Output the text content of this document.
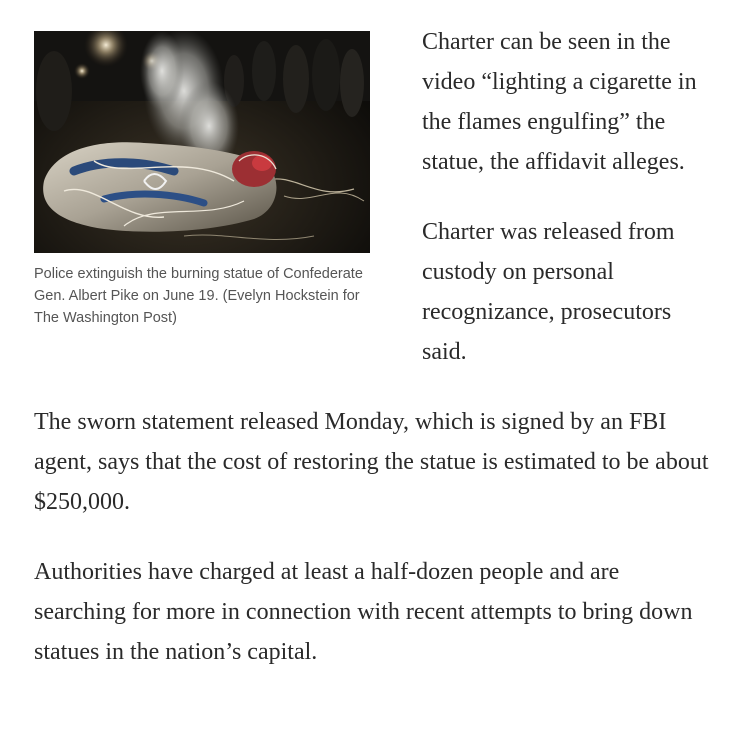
Police extinguish the burning statue of Confederate Gen. Albert Pike on June 19. (Evelyn Hockstein for The Washington Post)

Charter can be seen in the video “lighting a cigarette in the flames engulfing” the statue, the affidavit alleges.

Charter was released from custody on personal recognizance, prosecutors said.

The sworn statement released Monday, which is signed by an FBI agent, says that the cost of restoring the statue is estimated to be about $250,000.

Authorities have charged at least a half-dozen people and are searching for more in connection with recent attempts to bring down statues in the nation’s capital.
